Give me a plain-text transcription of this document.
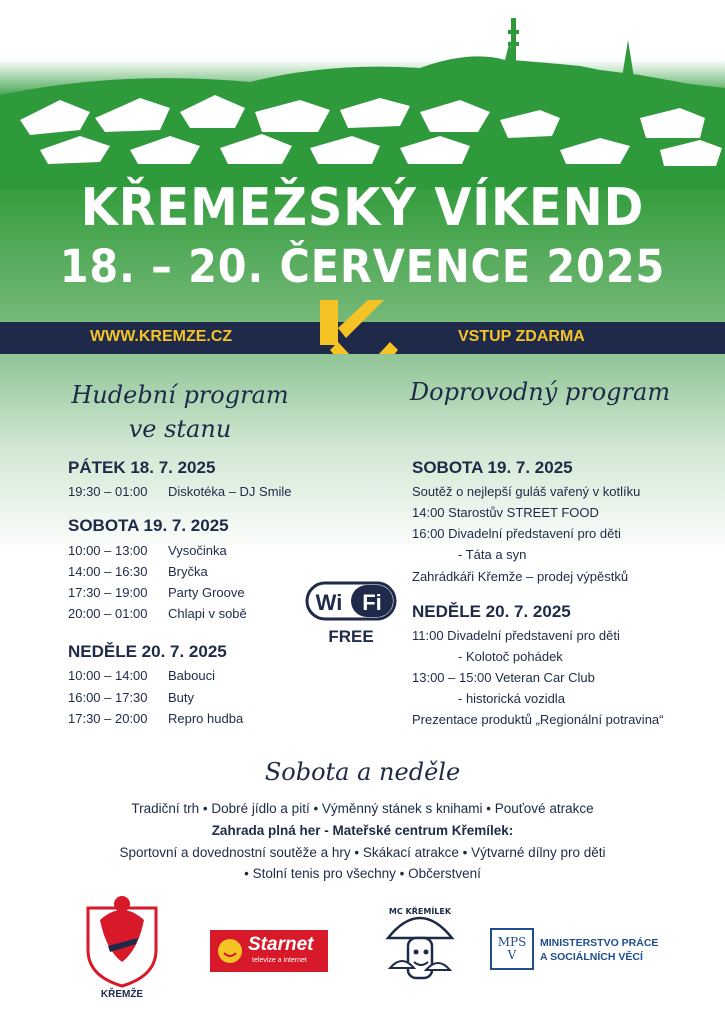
KŘEMEŽSKÝ VÍKEND
18. – 20. ČERVENCE 2025
WWW.KREMZE.CZ	VSTUP ZDARMA
Hudební program
ve stanu
PÁTEK 18. 7. 2025
19:30 – 01:00 Diskotéka – DJ Smile
SOBOTA 19. 7. 2025
10:00 – 13:00 Vysočinka
14:00 – 16:30 Bryčka
17:30 – 19:00 Party Groove
20:00 – 01:00 Chlapi v sobě
NEDĚLE 20. 7. 2025
10:00 – 14:00 Babouci
16:00 – 17:30 Buty
17:30 – 20:00 Repro hudba
Wi Fi
FREE
Doprovodný program
SOBOTA 19. 7. 2025
Soutěž o nejlepší guláš vařený v kotlíku
14:00 Starostův STREET FOOD
16:00 Divadelní představení pro děti
- Táta a syn
Zahrádkáři Křemže – prodej výpěstků
NEDĚLE 20. 7. 2025
11:00 Divadelní představení pro děti
- Kolotoč pohádek
13:00 – 15:00 Veteran Car Club
- historická vozidla
Prezentace produktů „Regionální potravina“
Sobota a neděle
Tradiční trh • Dobré jídlo a pití • Výměnný stánek s knihami • Pouťové atrakce
Zahrada plná her - Mateřské centrum Křemílek:
Sportovní a dovednostní soutěže a hry • Skákací atrakce • Výtvarné dílny pro děti
• Stolní tenis pro všechny • Občerstvení
KŘEMŽE
Starnet
televize a internet
MC KŘEMÍLEK
MPSV
MINISTERSTVO PRÁCE
A SOCIÁLNÍCH VĚCÍ
